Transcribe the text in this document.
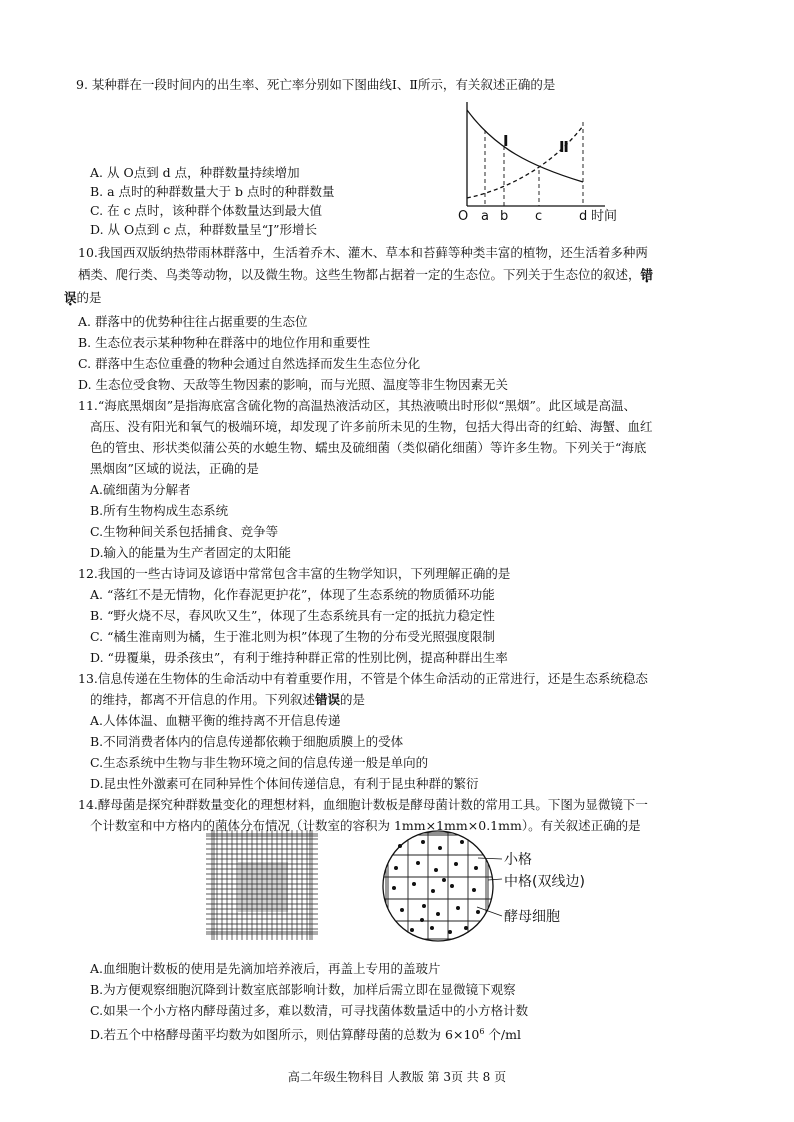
9. 某种群在一段时间内的出生率、死亡率分别如下图曲线Ⅰ、Ⅱ所示，有关叙述正确的是
A. 从 O点到 d 点，种群数量持续增加
B. a 点时的种群数量大于 b 点时的种群数量
C. 在 c 点时，该种群个体数量达到最大值
D. 从 O点到 c 点，种群数量呈“J”形增长
Ⅰ	Ⅱ
O a b c	d 时间
10.我国西双版纳热带雨林群落中，生活着乔木、灌木、草本和苔藓等种类丰富的植物，还生活着多种两
栖类、爬行类、鸟类等动物，以及微生物。这些生物都占据着一定的生态位。下列关于生态位的叙述，错
误的是
A. 群落中的优势种往往占据重要的生态位
B. 生态位表示某种物种在群落中的地位作用和重要性
C. 群落中生态位重叠的物种会通过自然选择而发生生态位分化
D. 生态位受食物、天敌等生物因素的影响，而与光照、温度等非生物因素无关
11.“海底黑烟囱”是指海底富含硫化物的高温热液活动区，其热液喷出时形似“黑烟”。此区域是高温、
高压、没有阳光和氧气的极端环境，却发现了许多前所未见的生物，包括大得出奇的红蛤、海蟹、血红
色的管虫、形状类似蒲公英的水螅生物、蠕虫及硫细菌（类似硝化细菌）等许多生物。下列关于“海底
黑烟囱”区域的说法，正确的是
A.硫细菌为分解者
B.所有生物构成生态系统
C.生物种间关系包括捕食、竞争等
D.输入的能量为生产者固定的太阳能
12.我国的一些古诗词及谚语中常常包含丰富的生物学知识，下列理解正确的是
A. “落红不是无情物，化作春泥更护花”，体现了生态系统的物质循环功能
B. “野火烧不尽，春风吹又生”，体现了生态系统具有一定的抵抗力稳定性
C. “橘生淮南则为橘，生于淮北则为枳”体现了生物的分布受光照强度限制
D. “毋覆巢，毋杀孩虫”，有利于维持种群正常的性别比例，提高种群出生率
13.信息传递在生物体的生命活动中有着重要作用，不管是个体生命活动的正常进行，还是生态系统稳态
的维持，都离不开信息的作用。下列叙述错误的是
A.人体体温、血糖平衡的维持离不开信息传递
B.不同消费者体内的信息传递都依赖于细胞质膜上的受体
C.生态系统中生物与非生物环境之间的信息传递一般是单向的
D.昆虫性外激素可在同种异性个体间传递信息，有利于昆虫种群的繁衍
14.酵母菌是探究种群数量变化的理想材料，血细胞计数板是酵母菌计数的常用工具。下图为显微镜下一
个计数室和中方格内的菌体分布情况（计数室的容积为 1mm×1mm×0.1mm）。有关叙述正确的是
小格
中格(双线边)
酵母细胞
A.血细胞计数板的使用是先滴加培养液后，再盖上专用的盖玻片
B.为方便观察细胞沉降到计数室底部影响计数，加样后需立即在显微镜下观察
C.如果一个小方格内酵母菌过多，难以数清，可寻找菌体数量适中的小方格计数
D.若五个中格酵母菌平均数为如图所示，则估算酵母菌的总数为 $6\times 10^6$ 个/ml
高二年级生物科目 人教版 第 3页 共 8 页
